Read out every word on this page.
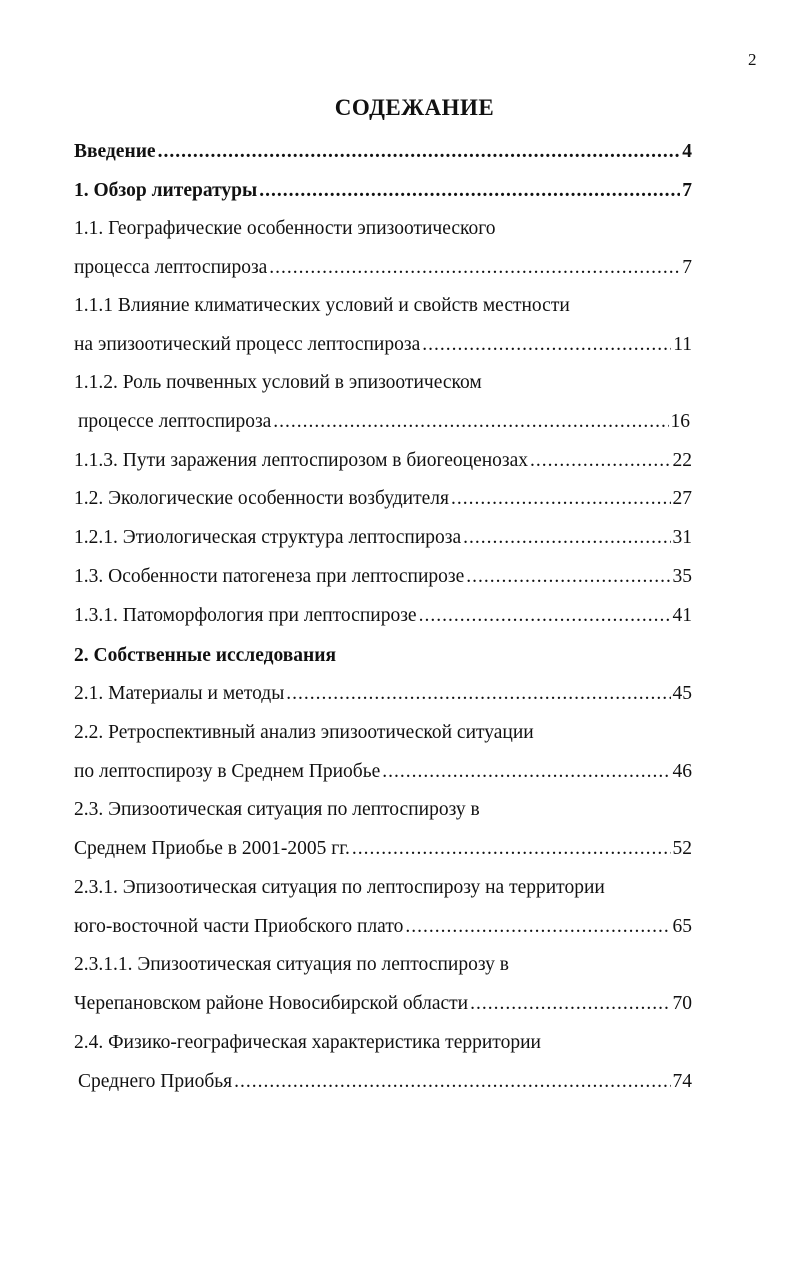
2
СОДЕЖАНИЕ
Введение .....	4
1. Обзор литературы .....	7
1.1. Географические особенности эпизоотического
процесса лептоспироза .....	7
1.1.1 Влияние климатических условий и свойств местности
на эпизоотический процесс лептоспироза .....	11
1.1.2. Роль почвенных условий в эпизоотическом
процессе лептоспироза .....	16
1.1.3. Пути заражения лептоспирозом в биогеоценозах .....	22
1.2. Экологические особенности возбудителя .....	27
1.2.1. Этиологическая структура лептоспироза .....	31
1.3. Особенности патогенеза при лептоспирозе .....	35
1.3.1. Патоморфология при лептоспирозе .....	41
2. Собственные исследования
2.1. Материалы и методы .....	45
2.2. Ретроспективный анализ эпизоотической ситуации
по лептоспирозу в Среднем Приобье .....	46
2.3. Эпизоотическая ситуация по лептоспирозу в
Среднем Приобье в 2001-2005 гг. .....	52
2.3.1. Эпизоотическая ситуация по лептоспирозу на территории
юго-восточной части Приобского плато .....	65
2.3.1.1. Эпизоотическая ситуация по лептоспирозу в
Черепановском районе Новосибирской области .....	70
2.4. Физико-географическая характеристика территории
Среднего Приобья .....	74
